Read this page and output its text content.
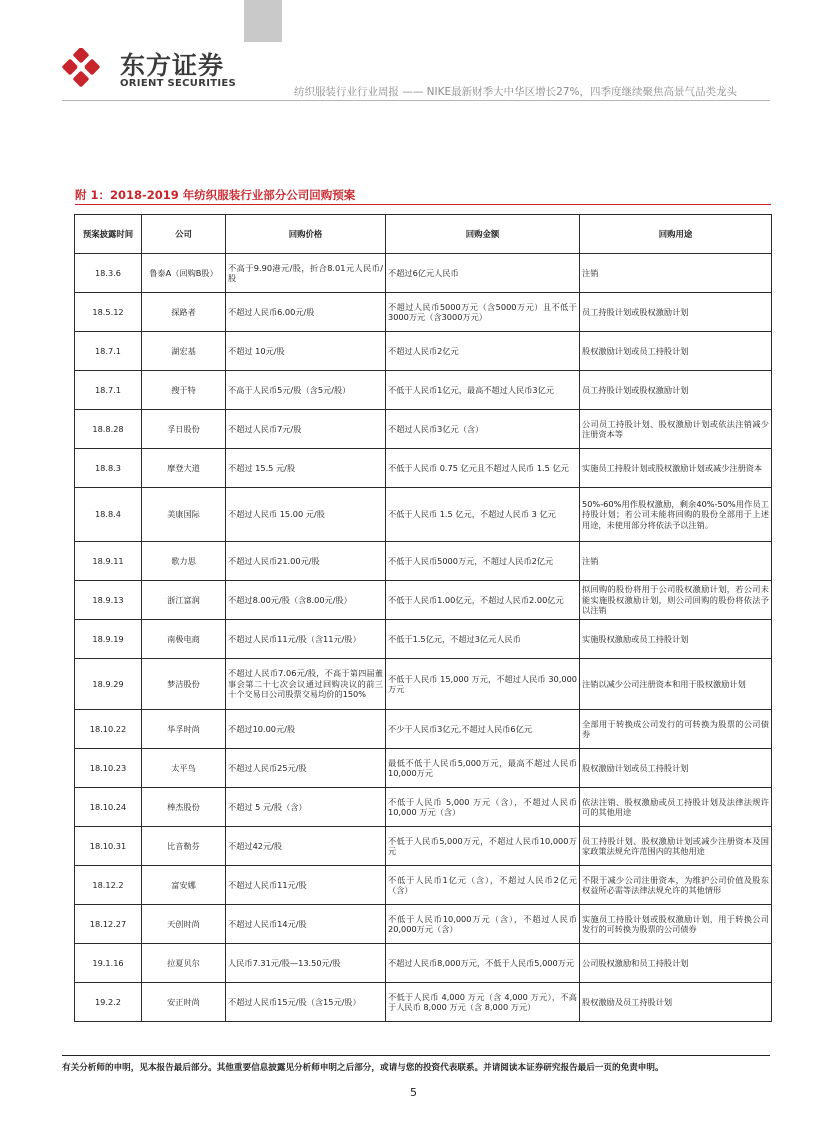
东方证券
ORIENT SECURITIES
纺织服装行业行业周报 —— NIKE最新财季大中华区增长27%，四季度继续聚焦高景气品类龙头
附 1：2018-2019 年纺织服装行业部分公司回购预案
预案披露时间	公司	回购价格	回购金额	回购用途
18.3.6	鲁泰A（回购B股）	不高于9.90港元/股，折合8.01元人民币/股	不超过6亿元人民币	注销
18.5.12	探路者	不超过人民币6.00元/股	不超过人民币5000万元（含5000万元）且不低于3000万元（含3000万元）	员工持股计划或股权激励计划
18.7.1	湖宏基	不超过 10元/股	不超过人民币2亿元	股权激励计划或员工持股计划
18.7.1	搜于特	不高于人民币5元/股（含5元/股）	不低于人民币1亿元，最高不超过人民币3亿元	员工持股计划或股权激励计划
18.8.28	孚日股份	不超过人民币7元/股	不超过人民币3亿元（含）	公司员工持股计划、股权激励计划或依法注销减少注册资本等
18.8.3	摩登大道	不超过 15.5 元/股	不低于人民币 0.75 亿元且不超过人民币 1.5 亿元	实施员工持股计划或股权激励计划或减少注册资本
18.8.4	美康国际	不超过人民币 15.00 元/股	不低于人民币 1.5 亿元，不超过人民币 3 亿元	50%-60%用作股权激励，剩余40%-50%用作员工持股计划；若公司未能将回购的股份全部用于上述用途，未使用部分将依法予以注销。
18.9.11	歌力思	不超过人民币21.00元/股	不低于人民币5000万元，不超过人民币2亿元	注销
18.9.13	浙江富润	不超过8.00元/股（含8.00元/股）	不低于人民币1.00亿元，不超过人民币2.00亿元	拟回购的股份将用于公司股权激励计划，若公司未能实施股权激励计划，则公司回购的股份将依法予以注销
18.9.19	南极电商	不超过人民币11元/股（含11元/股）	不低于1.5亿元，不超过3亿元人民币	实施股权激励或员工持股计划
18.9.29	梦洁股份	不超过人民币7.06元/股，不高于第四届董事会第二十七次会议通过回购决议的前三十个交易日公司股票交易均价的150%	不低于人民币 15,000 万元，不超过人民币 30,000 万元	注销以减少公司注册资本和用于股权激励计划
18.10.22	华孚时尚	不超过10.00元/股	不少于人民币3亿元,不超过人民币6亿元	全部用于转换成公司发行的可转换为股票的公司债券
18.10.23	太平鸟	不超过人民币25元/股	最低不低于人民币5,000万元，最高不超过人民币10,000万元	股权激励计划或员工持股计划
18.10.24	棒杰股份	不超过 5 元/股（含）	不低于人民币 5,000 万元（含），不超过人民币 10,000 万元（含）	依法注销、股权激励或员工持股计划及法律法规许可的其他用途
18.10.31	比音勒芬	不超过42元/股	不低于人民币5,000万元，不超过人民币10,000万元	员工持股计划、股权激励计划或减少注册资本及国家政策法规允许范围内的其他用途
18.12.2	富安娜	不超过人民币11元/股	不低于人民币1亿元（含），不超过人民币2亿元（含）	不限于减少公司注册资本，为维护公司价值及股东权益所必需等法律法规允许的其他情形
18.12.27	天创时尚	不超过人民币14元/股	不低于人民币10,000万元（含），不超过人民币20,000万元（含）	实施员工持股计划或股权激励计划，用于转换公司发行的可转换为股票的公司债券
19.1.16	拉夏贝尔	人民币7.31元/股—13.50元/股	不超过人民币8,000万元，不低于人民币5,000万元	公司股权激励和员工持股计划
19.2.2	安正时尚	不超过人民币15元/股（含15元/股）	不低于人民币 4,000 万元（含 4,000 万元），不高于人民币 8,000 万元（含 8,000 万元）	股权激励及员工持股计划
有关分析师的申明，见本报告最后部分。其他重要信息披露见分析师申明之后部分，或请与您的投资代表联系。并请阅读本证券研究报告最后一页的免责申明。
5
